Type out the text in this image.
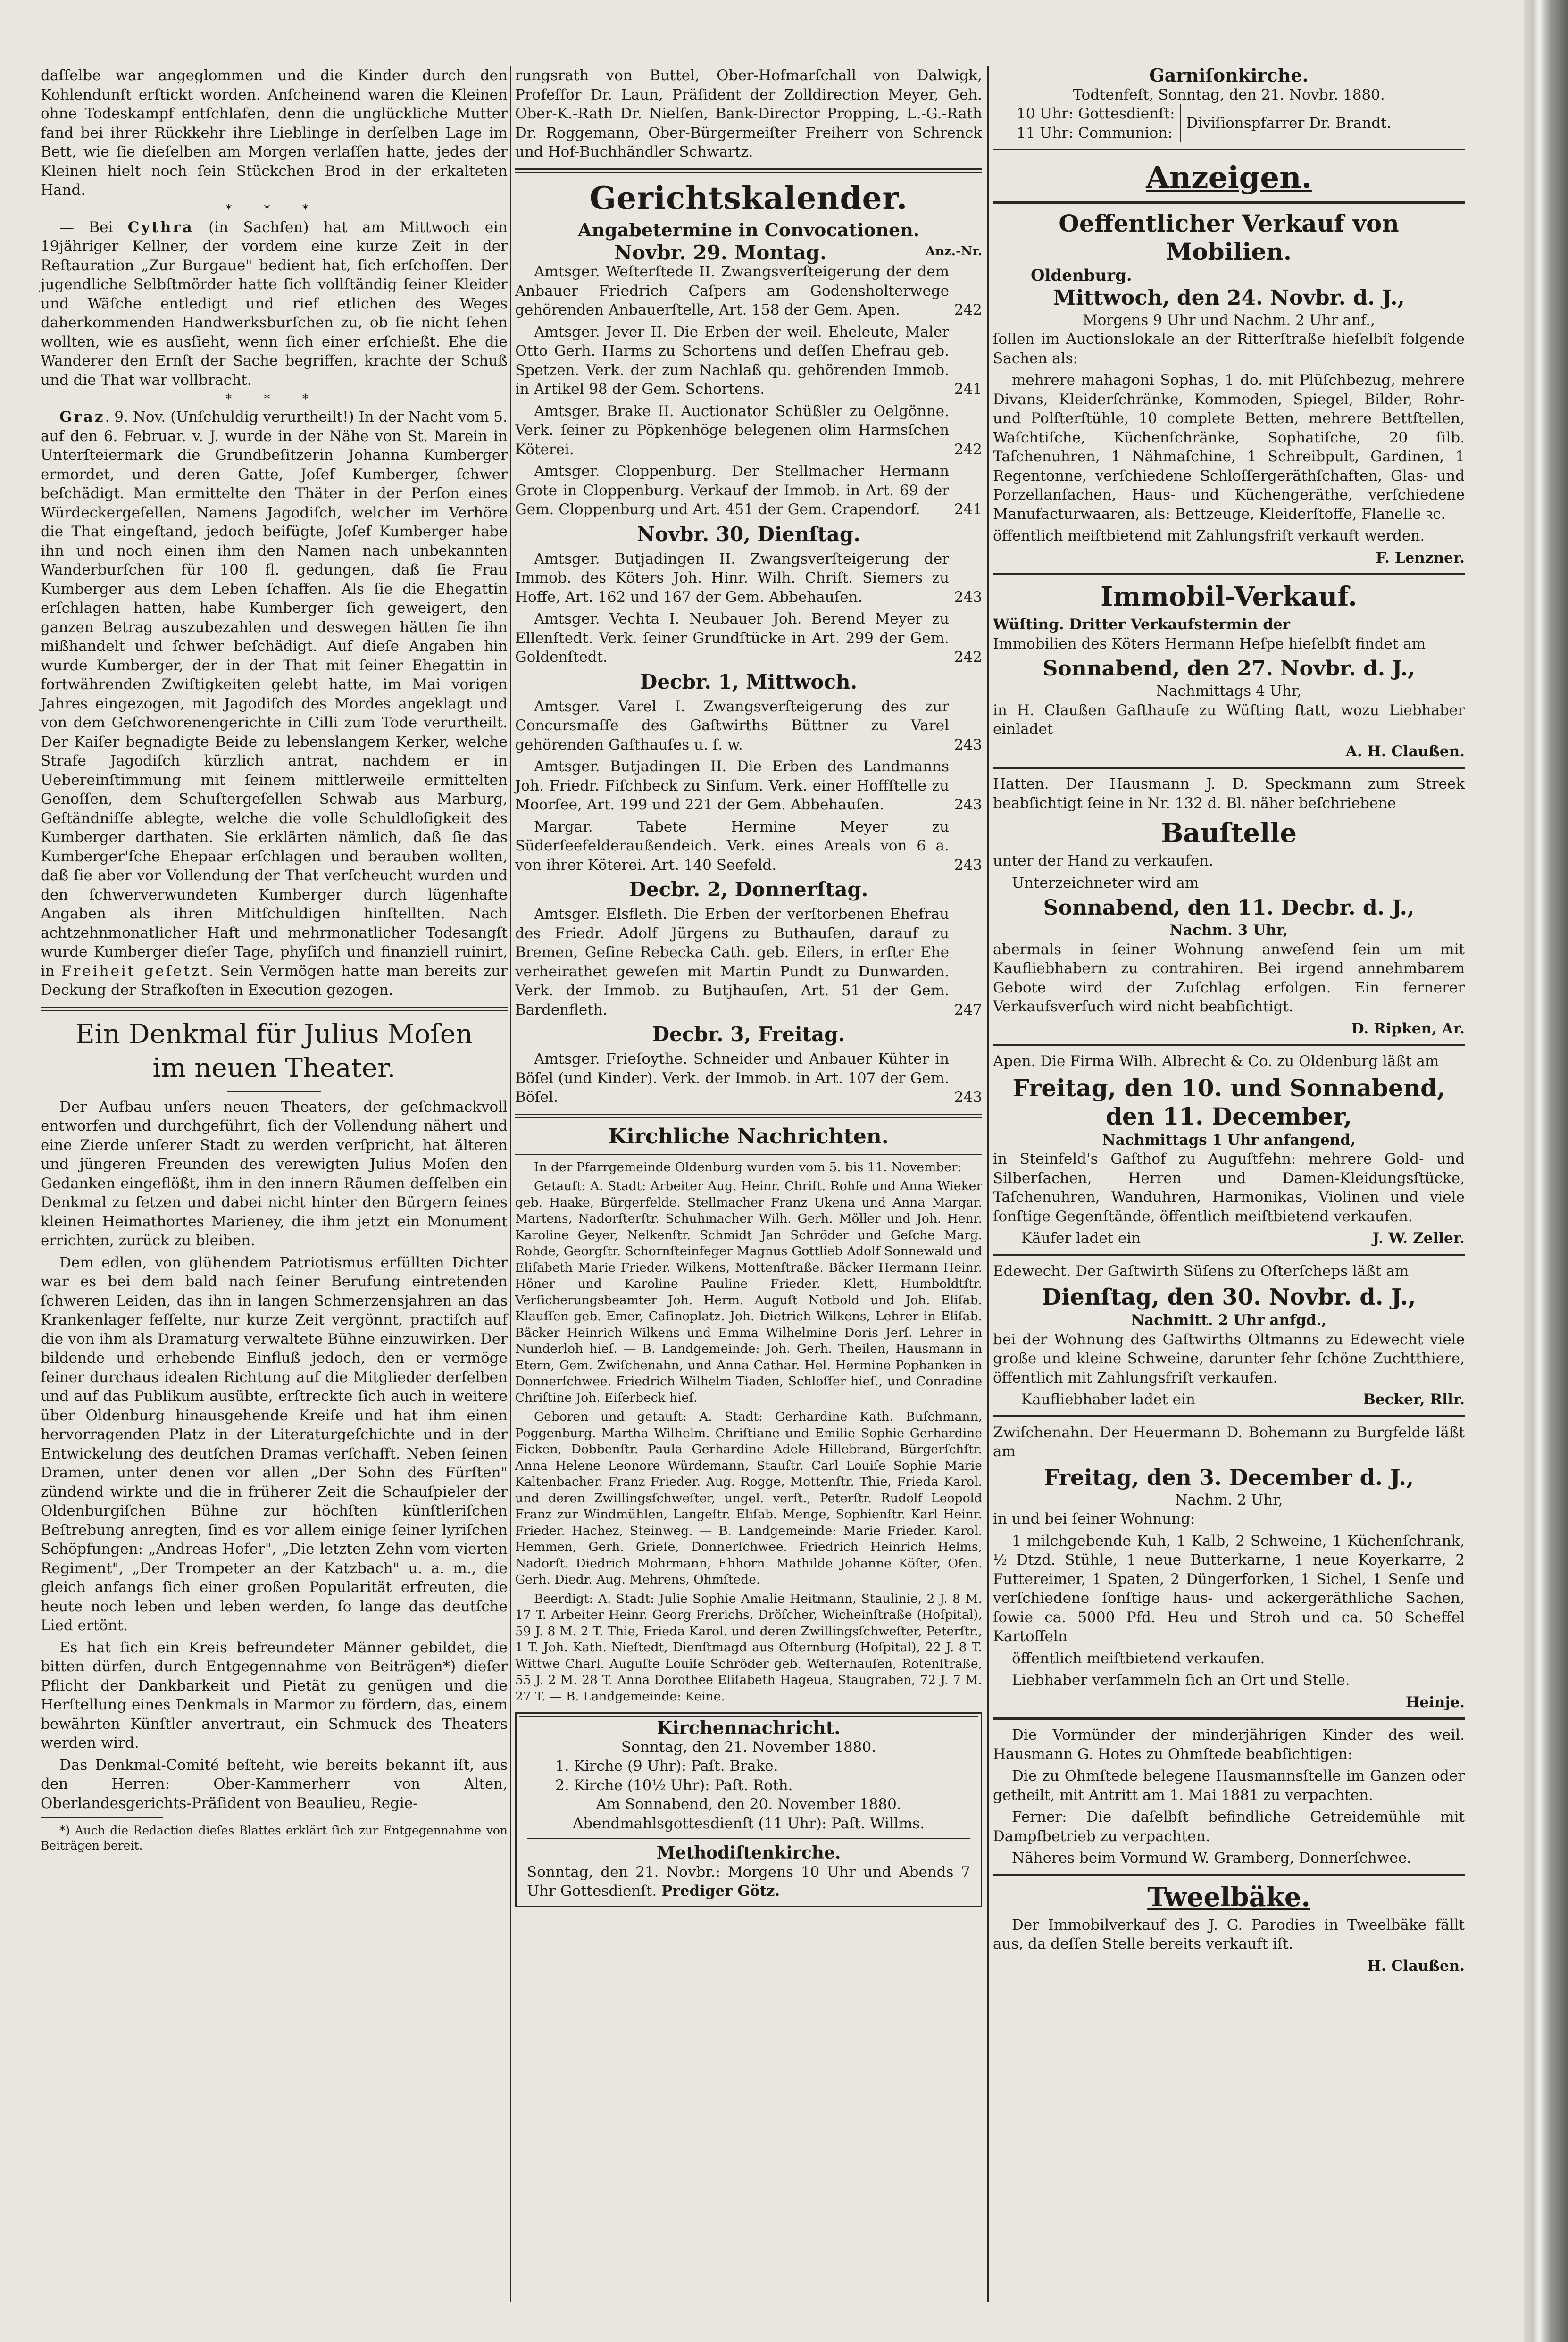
daſſelbe war angeglommen und die Kinder durch den Kohlendunſt erſtickt worden. Anſcheinend waren die Kleinen ohne Todeskampf entſchlafen, denn die unglückliche Mutter fand bei ihrer Rückkehr ihre Lieblinge in derſelben Lage im Bett, wie ſie dieſelben am Morgen verlaſſen hatte, jedes der Kleinen hielt noch ſein Stückchen Brod in der erkalteten Hand.

* * *

— Bei Cythra (in Sachſen) hat am Mittwoch ein 19jähriger Kellner, der vordem eine kurze Zeit in der Reſtauration „Zur Burgaue" bedient hat, ſich erſchoſſen. Der jugendliche Selbſtmörder hatte ſich vollſtändig ſeiner Kleider und Wäſche entledigt und rief etlichen des Weges daherkommenden Handwerksburſchen zu, ob ſie nicht ſehen wollten, wie es ausſieht, wenn ſich einer erſchießt. Ehe die Wanderer den Ernſt der Sache begriffen, krachte der Schuß und die That war vollbracht.

* * *

Graz. 9. Nov. (Unſchuldig verurtheilt!) In der Nacht vom 5. auf den 6. Februar. v. J. wurde in der Nähe von St. Marein in Unterſteiermark die Grundbeſitzerin Johanna Kumberger ermordet, und deren Gatte, Joſef Kumberger, ſchwer beſchädigt. Man ermittelte den Thäter in der Perſon eines Würdeckergeſellen, Namens Jagodiſch, welcher im Verhöre die That eingeſtand, jedoch beifügte, Joſef Kumberger habe ihn und noch einen ihm den Namen nach unbekannten Wanderburſchen für 100 fl. gedungen, daß ſie Frau Kumberger aus dem Leben ſchaffen. Als ſie die Ehegattin erſchlagen hatten, habe Kumberger ſich geweigert, den ganzen Betrag auszubezahlen und deswegen hätten ſie ihn mißhandelt und ſchwer beſchädigt. Auf dieſe Angaben hin wurde Kumberger, der in der That mit ſeiner Ehegattin in fortwährenden Zwiſtigkeiten gelebt hatte, im Mai vorigen Jahres eingezogen, mit Jagodiſch des Mordes angeklagt und von dem Geſchworenengerichte in Cilli zum Tode verurtheilt. Der Kaiſer begnadigte Beide zu lebenslangem Kerker, welche Strafe Jagodiſch kürzlich antrat, nachdem er in Uebereinſtimmung mit ſeinem mittlerweile ermittelten Genoſſen, dem Schuſtergeſellen Schwab aus Marburg, Geſtändniſſe ablegte, welche die volle Schuldloſigkeit des Kumberger darthaten. Sie erklärten nämlich, daß ſie das Kumberger'ſche Ehepaar erſchlagen und berauben wollten, daß ſie aber vor Vollendung der That verſcheucht wurden und den ſchwerverwundeten Kumberger durch lügenhafte Angaben als ihren Mitſchuldigen hinſtellten. Nach achtzehnmonatlicher Haft und mehrmonatlicher Todesangſt wurde Kumberger dieſer Tage, phyſiſch und finanziell ruinirt, in Freiheit geſetzt. Sein Vermögen hatte man bereits zur Deckung der Strafkoſten in Execution gezogen.

Ein Denkmal für Julius Moſen
im neuen Theater.

Der Aufbau unſers neuen Theaters, der geſchmackvoll entworfen und durchgeführt, ſich der Vollendung nähert und eine Zierde unſerer Stadt zu werden verſpricht, hat älteren und jüngeren Freunden des verewigten Julius Moſen den Gedanken eingeflößt, ihm in den innern Räumen deſſelben ein Denkmal zu ſetzen und dabei nicht hinter den Bürgern ſeines kleinen Heimathortes Marieney, die ihm jetzt ein Monument errichten, zurück zu bleiben.

Dem edlen, von glühendem Patriotismus erfüllten Dichter war es bei dem bald nach ſeiner Berufung eintretenden ſchweren Leiden, das ihn in langen Schmerzensjahren an das Krankenlager feſſelte, nur kurze Zeit vergönnt, practiſch auf die von ihm als Dramaturg verwaltete Bühne einzuwirken. Der bildende und erhebende Einfluß jedoch, den er vermöge ſeiner durchaus idealen Richtung auf die Mitglieder derſelben und auf das Publikum ausübte, erſtreckte ſich auch in weitere über Oldenburg hinausgehende Kreiſe und hat ihm einen hervorragenden Platz in der Literaturgeſchichte und in der Entwickelung des deutſchen Dramas verſchafft. Neben ſeinen Dramen, unter denen vor allen „Der Sohn des Fürſten" zündend wirkte und die in früherer Zeit die Schauſpieler der Oldenburgiſchen Bühne zur höchſten künſtleriſchen Beſtrebung anregten, ſind es vor allem einige ſeiner lyriſchen Schöpfungen: „Andreas Hofer", „Die letzten Zehn vom vierten Regiment", „Der Trompeter an der Katzbach" u. a. m., die gleich anfangs ſich einer großen Popularität erfreuten, die heute noch leben und leben werden, ſo lange das deutſche Lied ertönt.

Es hat ſich ein Kreis befreundeter Männer gebildet, die bitten dürfen, durch Entgegennahme von Beiträgen*) dieſer Pflicht der Dankbarkeit und Pietät zu genügen und die Herſtellung eines Denkmals in Marmor zu fördern, das, einem bewährten Künſtler anvertraut, ein Schmuck des Theaters werden wird.

Das Denkmal-Comité beſteht, wie bereits bekannt iſt, aus den Herren: Ober-Kammerherr von Alten, Oberlandesgerichts-Präſident von Beaulieu, Regie-

*) Auch die Redaction dieſes Blattes erklärt ſich zur Entgegennahme von Beiträgen bereit.

rungsrath von Buttel, Ober-Hofmarſchall von Dalwigk, Profeſſor Dr. Laun, Präſident der Zolldirection Meyer, Geh. Ober-K.-Rath Dr. Nielſen, Bank-Director Propping, L.-G.-Rath Dr. Roggemann, Ober-Bürgermeiſter Freiherr von Schrenck und Hof-Buchhändler Schwartz.

Gerichtskalender.
Angabetermine in Convocationen.
Novbr. 29. Montag.	Anz.-Nr.

Amtsger. Weſterſtede II. Zwangsverſteigerung der dem Anbauer Friedrich Caſpers am Godensholterwege gehörenden Anbauerſtelle, Art. 158 der Gem. Apen.	242

Amtsger. Jever II. Die Erben der weil. Eheleute, Maler Otto Gerh. Harms zu Schortens und deſſen Ehefrau geb. Spetzen. Verk. der zum Nachlaß qu. gehörenden Immob. in Artikel 98 der Gem. Schortens.	241

Amtsger. Brake II. Auctionator Schüßler zu Oelgönne. Verk. ſeiner zu Pöpkenhöge belegenen olim Harmsſchen Köterei.	242

Amtsger. Cloppenburg. Der Stellmacher Hermann Grote in Cloppenburg. Verkauf der Immob. in Art. 69 der Gem. Cloppenburg und Art. 451 der Gem. Crapendorf.	241
Novbr. 30, Dienſtag.

Amtsger. Butjadingen II. Zwangsverſteigerung der Immob. des Köters Joh. Hinr. Wilh. Chriſt. Siemers zu Hoffe, Art. 162 und 167 der Gem. Abbehauſen.	243

Amtsger. Vechta I. Neubauer Joh. Berend Meyer zu Ellenſtedt. Verk. ſeiner Grundſtücke in Art. 299 der Gem. Goldenſtedt.	242
Decbr. 1, Mittwoch.

Amtsger. Varel I. Zwangsverſteigerung des zur Concursmaſſe des Gaſtwirths Büttner zu Varel gehörenden Gaſthauſes u. ſ. w.	243

Amtsger. Butjadingen II. Die Erben des Landmanns Joh. Friedr. Fiſchbeck zu Sinſum. Verk. einer Hoffſtelle zu Moorſee, Art. 199 und 221 der Gem. Abbehauſen.	243

Margar. Tabete Hermine Meyer zu Süderſeefelderaußendeich. Verk. eines Areals von 6 a. von ihrer Köterei. Art. 140 Seefeld.	243
Decbr. 2, Donnerſtag.

Amtsger. Elsfleth. Die Erben der verſtorbenen Ehefrau des Friedr. Adolf Jürgens zu Buthauſen, darauf zu Bremen, Geſine Rebecka Cath. geb. Eilers, in erſter Ehe verheirathet geweſen mit Martin Pundt zu Dunwarden. Verk. der Immob. zu Butjhauſen, Art. 51 der Gem. Bardenfleth.	247
Decbr. 3, Freitag.

Amtsger. Frieſoythe. Schneider und Anbauer Kühter in Böſel (und Kinder). Verk. der Immob. in Art. 107 der Gem. Böſel.	243
Kirchliche Nachrichten.

In der Pfarrgemeinde Oldenburg wurden vom 5. bis 11. November:

Getauft: A. Stadt: Arbeiter Aug. Heinr. Chriſt. Rohſe und Anna Wieker geb. Haake, Bürgerfelde. Stellmacher Franz Ukena und Anna Margar. Martens, Nadorſterſtr. Schuhmacher Wilh. Gerh. Möller und Joh. Henr. Karoline Geyer, Nelkenſtr. Schmidt Jan Schröder und Geſche Marg. Rohde, Georgſtr. Schornſteinfeger Magnus Gottlieb Adolf Sonnewald und Eliſabeth Marie Frieder. Wilkens, Mottenſtraße. Bäcker Hermann Heinr. Höner und Karoline Pauline Frieder. Klett, Humboldtſtr. Verſicherungsbeamter Joh. Herm. Auguſt Notbold und Joh. Eliſab. Klauſſen geb. Emer, Caſinoplatz. Joh. Dietrich Wilkens, Lehrer in Eliſab. Bäcker Heinrich Wilkens und Emma Wilhelmine Doris Jerſ. Lehrer in Nunderloh hieſ. — B. Landgemeinde: Joh. Gerh. Theilen, Hausmann in Etern, Gem. Zwiſchenahn, und Anna Cathar. Hel. Hermine Pophanken in Donnerſchwee. Friedrich Wilhelm Tiaden, Schloſſer hieſ., und Conradine Chriſtine Joh. Eiſerbeck hieſ.

Geboren und getauft: A. Stadt: Gerhardine Kath. Buſchmann, Poggenburg. Martha Wilhelm. Chriſtiane und Emilie Sophie Gerhardine Ficken, Dobbenſtr. Paula Gerhardine Adele Hillebrand, Bürgerſchſtr. Anna Helene Leonore Würdemann, Stauſtr. Carl Louiſe Sophie Marie Kaltenbacher. Franz Frieder. Aug. Rogge, Mottenſtr. Thie, Frieda Karol. und deren Zwillingsſchweſter, ungel. verſt., Peterſtr. Rudolf Leopold Franz zur Windmühlen, Langeſtr. Eliſab. Menge, Sophienſtr. Karl Heinr. Frieder. Hachez, Steinweg. — B. Landgemeinde: Marie Frieder. Karol. Hemmen, Gerh. Grieſe, Donnerſchwee. Friedrich Heinrich Helms, Nadorſt. Diedrich Mohrmann, Ehhorn. Mathilde Johanne Köſter, Ofen. Gerh. Diedr. Aug. Mehrens, Ohmſtede.

Beerdigt: A. Stadt: Julie Sophie Amalie Heitmann, Staulinie, 2 J. 8 M. 17 T. Arbeiter Heinr. Georg Frerichs, Dröſcher, Wicheinſtraße (Hoſpital), 59 J. 8 M. 2 T. Thie, Frieda Karol. und deren Zwillingsſchweſter, Peterſtr., 1 T. Joh. Kath. Nieſtedt, Dienſtmagd aus Oſternburg (Hoſpital), 22 J. 8 T. Wittwe Charl. Auguſte Louiſe Schröder geb. Weſterhauſen, Rotenſtraße, 55 J. 2 M. 28 T. Anna Dorothee Eliſabeth Hageua, Staugraben, 72 J. 7 M. 27 T. — B. Landgemeinde: Keine.

Kirchennachricht.
Sonntag, den 21. November 1880.
1. Kirche (9 Uhr): Paſt. Brake.
2. Kirche (10½ Uhr): Paſt. Roth.
Am Sonnabend, den 20. November 1880.
Abendmahlsgottesdienſt (11 Uhr): Paſt. Willms.
Methodiſtenkirche.
Sonntag, den 21. Novbr.: Morgens 10 Uhr und Abends 7 Uhr Gottesdienſt. Prediger Götz.
Garniſonkirche.
Todtenfeſt, Sonntag, den 21. Novbr. 1880.
10 Uhr: Gottesdienſt:
11 Uhr: Communion:
Diviſionspfarrer Dr. Brandt.
Anzeigen.
Oeffentlicher Verkauf von Mobilien.
Oldenburg.
Mittwoch, den 24. Novbr. d. J.,
Morgens 9 Uhr und Nachm. 2 Uhr anf.,

ſollen im Auctionslokale an der Ritterſtraße hieſelbſt folgende Sachen als:

mehrere mahagoni Sophas, 1 do. mit Plüſchbezug, mehrere Divans, Kleiderſchränke, Kommoden, Spiegel, Bilder, Rohr- und Polſterſtühle, 10 complete Betten, mehrere Bettſtellen, Waſchtiſche, Küchenſchränke, Sophatiſche, 20 ſilb. Taſchenuhren, 1 Nähmaſchine, 1 Schreibpult, Gardinen, 1 Regentonne, verſchiedene Schloſſergeräthſchaften, Glas- und Porzellanſachen, Haus- und Küchengeräthe, verſchiedene Manufacturwaaren, als: Bettzeuge, Kleiderſtoffe, Flanelle ꝛc.

öffentlich meiſtbietend mit Zahlungsfriſt verkauft werden.

F. Lenzner.
Immobil-Verkauf.
Wüſting. Dritter Verkaufstermin der

Immobilien des Köters Hermann Heſpe hieſelbſt findet am

Sonnabend, den 27. Novbr. d. J.,
Nachmittags 4 Uhr,

in H. Claußen Gaſthauſe zu Wüſting ſtatt, wozu Liebhaber einladet

A. H. Claußen.

Hatten. Der Hausmann J. D. Speckmann zum Streek beabſichtigt ſeine in Nr. 132 d. Bl. näher beſchriebene

Bauſtelle

unter der Hand zu verkaufen.

Unterzeichneter wird am

Sonnabend, den 11. Decbr. d. J.,
Nachm. 3 Uhr,

abermals in ſeiner Wohnung anweſend ſein um mit Kaufliebhabern zu contrahiren. Bei irgend annehmbarem Gebote wird der Zuſchlag erfolgen. Ein fernerer Verkaufsverſuch wird nicht beabſichtigt.

D. Ripken, Ar.

Apen. Die Firma Wilh. Albrecht & Co. zu Oldenburg läßt am

Freitag, den 10. und Sonnabend,
den 11. December,
Nachmittags 1 Uhr anfangend,

in Steinfeld's Gaſthof zu Auguſtfehn: mehrere Gold- und Silberſachen, Herren und Damen-Kleidungsſtücke, Taſchenuhren, Wanduhren, Harmonikas, Violinen und viele ſonſtige Gegenſtände, öffentlich meiſtbietend verkaufen.

Käufer ladet ein	J. W. Zeller.

Edewecht. Der Gaſtwirth Süſens zu Oſterſcheps läßt am

Dienſtag, den 30. Novbr. d. J.,
Nachmitt. 2 Uhr anfgd.,

bei der Wohnung des Gaſtwirths Oltmanns zu Edewecht viele große und kleine Schweine, darunter ſehr ſchöne Zuchtthiere, öffentlich mit Zahlungsfriſt verkaufen.

Kaufliebhaber ladet ein	Becker, Rllr.

Zwiſchenahn. Der Heuermann D. Bohemann zu Burgfelde läßt am

Freitag, den 3. December d. J.,
Nachm. 2 Uhr,

in und bei ſeiner Wohnung:

1 milchgebende Kuh, 1 Kalb, 2 Schweine, 1 Küchenſchrank, ½ Dtzd. Stühle, 1 neue Butterkarne, 1 neue Koyerkarre, 2 Futtereimer, 1 Spaten, 2 Düngerforken, 1 Sichel, 1 Senſe und verſchiedene ſonſtige haus- und ackergeräthliche Sachen, ſowie ca. 5000 Pfd. Heu und Stroh und ca. 50 Scheffel Kartoffeln

öffentlich meiſtbietend verkaufen.

Liebhaber verſammeln ſich an Ort und Stelle.

Heinje.

Die Vormünder der minderjährigen Kinder des weil. Hausmann G. Hotes zu Ohmſtede beabſichtigen:

Die zu Ohmſtede belegene Hausmannsſtelle im Ganzen oder getheilt, mit Antritt am 1. Mai 1881 zu verpachten.

Ferner: Die daſelbſt befindliche Getreidemühle mit Dampfbetrieb zu verpachten.

Näheres beim Vormund W. Gramberg, Donnerſchwee.

Tweelbäke.

Der Immobilverkauf des J. G. Parodies in Tweelbäke fällt aus, da deſſen Stelle bereits verkauft iſt.

H. Claußen.
